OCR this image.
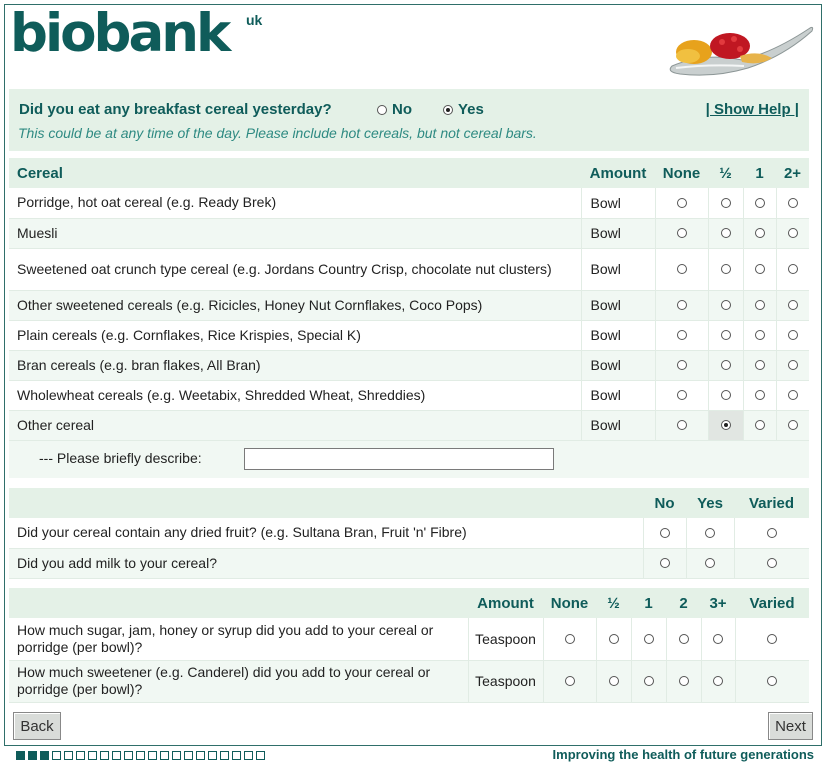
biobank uk
Did you eat any breakfast cereal yesterday?	No	Yes	| Show Help |
This could be at any time of the day. Please include hot cereals, but not cereal bars.
Cereal	Amount	None	½	1	2+
Porridge, hot oat cereal (e.g. Ready Brek)	Bowl				
Muesli	Bowl				
Sweetened oat crunch type cereal (e.g. Jordans Country Crisp, chocolate nut clusters)	Bowl				
Other sweetened cereals (e.g. Ricicles, Honey Nut Cornflakes, Coco Pops)	Bowl				
Plain cereals (e.g. Cornflakes, Rice Krispies, Special K)	Bowl				
Bran cereals (e.g. bran flakes, All Bran)	Bowl				
Wholewheat cereals (e.g. Weetabix, Shredded Wheat, Shreddies)	Bowl				
Other cereal	Bowl				
--- Please briefly describe:					
	No	Yes	Varied
Did your cereal contain any dried fruit? (e.g. Sultana Bran, Fruit 'n' Fibre)			
Did you add milk to your cereal?			
	Amount	None	½	1	2	3+	Varied
How much sugar, jam, honey or syrup did you add to your cereal or porridge (per bowl)?	Teaspoon						
How much sweetener (e.g. Canderel) did you add to your cereal or porridge (per bowl)?	Teaspoon						
Back	Next
Improving the health of future generations
